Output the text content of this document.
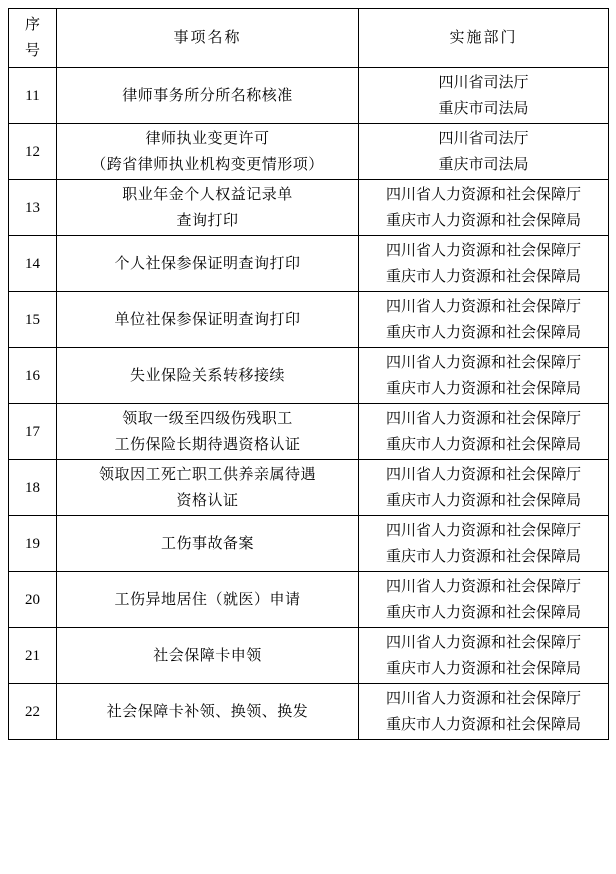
序
号	事项名称	实施部门
11	律师事务所分所名称核准	四川省司法厅
重庆市司法局

12	律师执业变更许可
（跨省律师执业机构变更情形项）	四川省司法厅
重庆市司法局

13	职业年金个人权益记录单
查询打印	四川省人力资源和社会保障厅
重庆市人力资源和社会保障局

14	个人社保参保证明查询打印	四川省人力资源和社会保障厅
重庆市人力资源和社会保障局

15	单位社保参保证明查询打印	四川省人力资源和社会保障厅
重庆市人力资源和社会保障局

16	失业保险关系转移接续	四川省人力资源和社会保障厅
重庆市人力资源和社会保障局

17	领取一级至四级伤残职工
工伤保险长期待遇资格认证	四川省人力资源和社会保障厅
重庆市人力资源和社会保障局

18	领取因工死亡职工供养亲属待遇
资格认证	四川省人力资源和社会保障厅
重庆市人力资源和社会保障局

19	工伤事故备案	四川省人力资源和社会保障厅
重庆市人力资源和社会保障局

20	工伤异地居住（就医）申请	四川省人力资源和社会保障厅
重庆市人力资源和社会保障局

21	社会保障卡申领	四川省人力资源和社会保障厅
重庆市人力资源和社会保障局

22	社会保障卡补领、换领、换发	四川省人力资源和社会保障厅
重庆市人力资源和社会保障局
